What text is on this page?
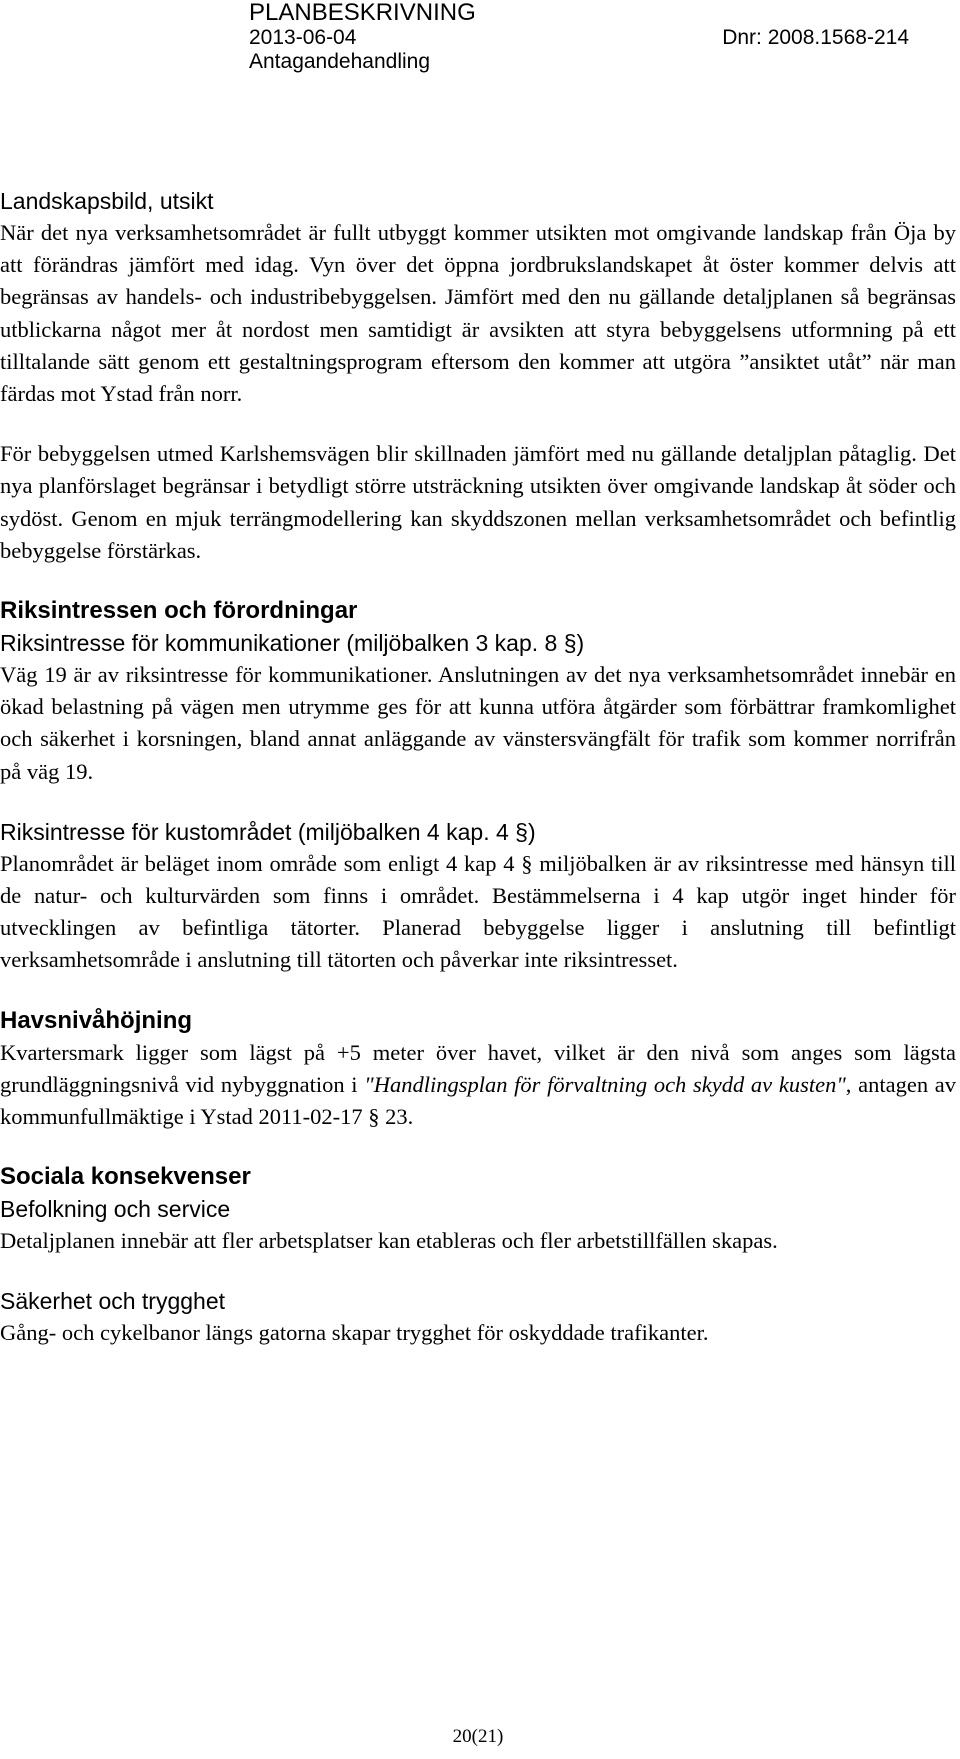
PLANBESKRIVNING
2013-06-04	Dnr: 2008.1568-214
Antagandehandling
Landskapsbild, utsikt

När det nya verksamhetsområdet är fullt utbyggt kommer utsikten mot omgivande landskap från Öja by att förändras jämfört med idag. Vyn över det öppna jordbrukslandskapet åt öster kommer delvis att begränsas av handels- och industribebyggelsen. Jämfört med den nu gällande detaljplanen så begränsas utblickarna något mer åt nordost men samtidigt är avsikten att styra bebyggelsens utformning på ett tilltalande sätt genom ett gestaltningsprogram eftersom den kommer att utgöra ”ansiktet utåt” när man färdas mot Ystad från norr.

För bebyggelsen utmed Karlshemsvägen blir skillnaden jämfört med nu gällande detaljplan påtaglig. Det nya planförslaget begränsar i betydligt större utsträckning utsikten över omgivande landskap åt söder och sydöst. Genom en mjuk terrängmodellering kan skyddszonen mellan verksamhetsområdet och befintlig bebyggelse förstärkas.

Riksintressen och förordningar
Riksintresse för kommunikationer (miljöbalken 3 kap. 8 §)

Väg 19 är av riksintresse för kommunikationer. Anslutningen av det nya verksamhetsområdet innebär en ökad belastning på vägen men utrymme ges för att kunna utföra åtgärder som förbättrar framkomlighet och säkerhet i korsningen, bland annat anläggande av vänstersvängfält för trafik som kommer norrifrån på väg 19.

Riksintresse för kustområdet (miljöbalken 4 kap. 4 §)

Planområdet är beläget inom område som enligt 4 kap 4 § miljöbalken är av riksintresse med hänsyn till de natur- och kulturvärden som finns i området. Bestämmelserna i 4 kap utgör inget hinder för utvecklingen av befintliga tätorter. Planerad bebyggelse ligger i anslutning till befintligt verksamhetsområde i anslutning till tätorten och påverkar inte riksintresset.

Havsnivåhöjning

Kvartersmark ligger som lägst på +5 meter över havet, vilket är den nivå som anges som lägsta grundläggningsnivå vid nybyggnation i "Handlingsplan för förvaltning och skydd av kusten", antagen av kommunfullmäktige i Ystad 2011-02-17 § 23.

Sociala konsekvenser
Befolkning och service

Detaljplanen innebär att fler arbetsplatser kan etableras och fler arbetstillfällen skapas.

Säkerhet och trygghet

Gång- och cykelbanor längs gatorna skapar trygghet för oskyddade trafikanter.

20(21)
